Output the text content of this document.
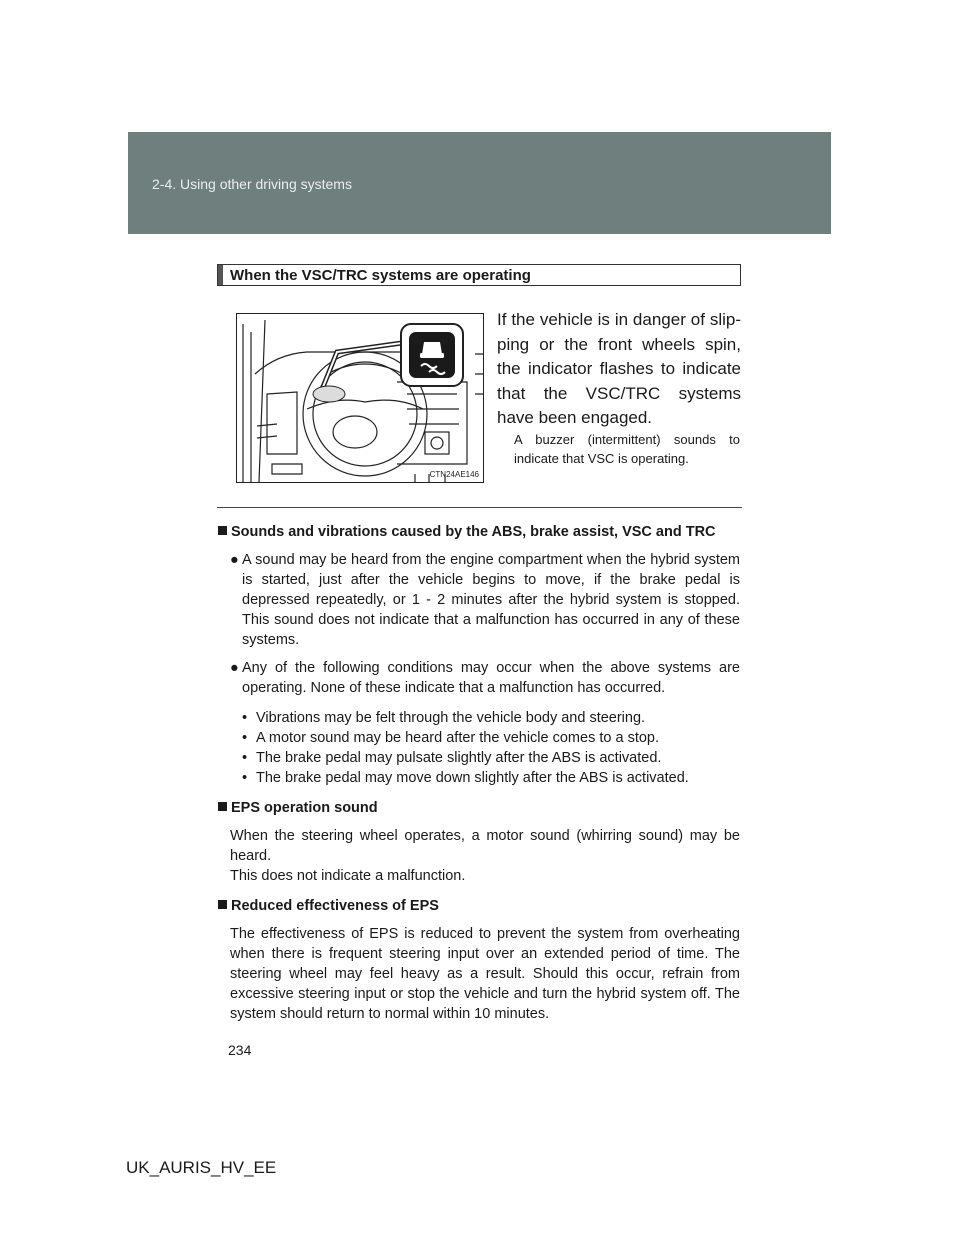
2-4. Using other driving systems
When the VSC/TRC systems are operating
CTN24AE146
If the vehicle is in danger of slip-ping or the front wheels spin, the indicator flashes to indicate that the VSC/TRC systems have been engaged.
A buzzer (intermittent) sounds to indicate that VSC is operating.
Sounds and vibrations caused by the ABS, brake assist, VSC and TRC
● A sound may be heard from the engine compartment when the hybrid system is started, just after the vehicle begins to move, if the brake pedal is depressed repeatedly, or 1 - 2 minutes after the hybrid system is stopped. This sound does not indicate that a malfunction has occurred in any of these systems.
● Any of the following conditions may occur when the above systems are operating. None of these indicate that a malfunction has occurred.
• Vibrations may be felt through the vehicle body and steering.
• A motor sound may be heard after the vehicle comes to a stop.
• The brake pedal may pulsate slightly after the ABS is activated.
• The brake pedal may move down slightly after the ABS is activated.
EPS operation sound
When the steering wheel operates, a motor sound (whirring sound) may be heard.
This does not indicate a malfunction.
Reduced effectiveness of EPS
The effectiveness of EPS is reduced to prevent the system from overheating when there is frequent steering input over an extended period of time. The steering wheel may feel heavy as a result. Should this occur, refrain from excessive steering input or stop the vehicle and turn the hybrid system off. The system should return to normal within 10 minutes.
234
UK_AURIS_HV_EE
